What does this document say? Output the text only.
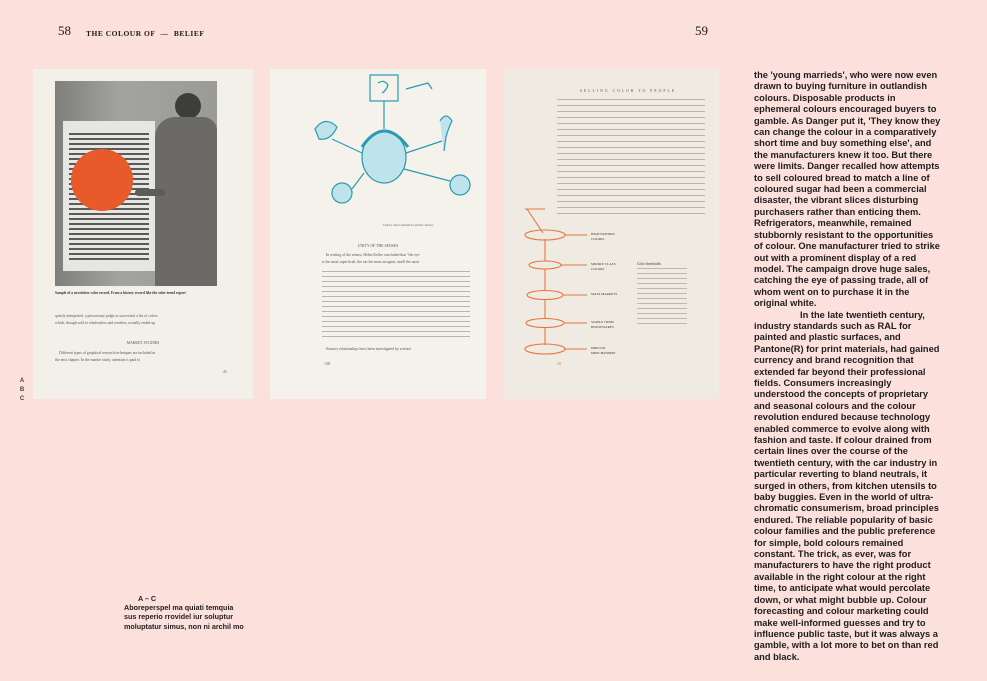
58 THE COLOUR OF — BELIEF	59
A
B
C
Sample of a newsletter color record. From a history record like the color-trend report
quietly interpreted, a person may judge as successful a list of colors
which, though sold to wholesalers and retailers, actually ended up
MARKET STUDIES
Different types of graphical research techniques are included in
the next chapter. In the market study, attention is paid to
41
Colors most related to all the senses
UNITY OF THE SENSES
In writing of the senses, Helen Keller concluded that "the eye
is the most superficial, the ear the most arrogant, smell the most
Sensory relationships have been investigated by science.
138
SELLING COLOR TO PEOPLE
HIGH FASHION COLORS
MIDDLE CLASS COLORS
MASS MARKETS
STAPLE ITEMS HOUSEWARES
IMPULSE MERCHANDISE
Color thresholds
20
A – C
Aboreperspel ma quiati temquia sus reperio rrovidel iur soluptur moluptatur simus, non ni archil mo

the 'young marrieds', who were now even drawn to buying furniture in outlandish colours. Disposable products in ephemeral colours encouraged buyers to gamble. As Danger put it, 'They know they can change the colour in a comparatively short time and buy something else', and the manufacturers knew it too. But there were limits. Danger recalled how attempts to sell coloured bread to match a line of coloured sugar had been a commercial disaster, the vibrant slices disturbing purchasers rather than enticing them. Refrigerators, meanwhile, remained stubbornly resistant to the opportunities of colour. One manufacturer tried to strike out with a prominent display of a red model. The campaign drove huge sales, catching the eye of passing trade, all of whom went on to purchase it in the original white.

In the late twentieth century, industry standards such as RAL for painted and plastic surfaces, and Pantone(R) for print materials, had gained currency and brand recognition that extended far beyond their professional fields. Consumers increasingly understood the concepts of proprietary and seasonal colours and the colour revolution endured because technology enabled commerce to evolve along with fashion and taste. If colour drained from certain lines over the course of the twentieth century, with the car industry in particular reverting to bland neutrals, it surged in others, from kitchen utensils to baby buggies. Even in the world of ultra-chromatic consumerism, broad principles endured. The reliable popularity of basic colour families and the public preference for simple, bold colours remained constant. The trick, as ever, was for manufacturers to have the right product available in the right colour at the right time, to anticipate what would percolate down, or what might bubble up. Colour forecasting and colour marketing could make well-informed guesses and try to influence public taste, but it was always a gamble, with a lot more to bet on than red and black.
